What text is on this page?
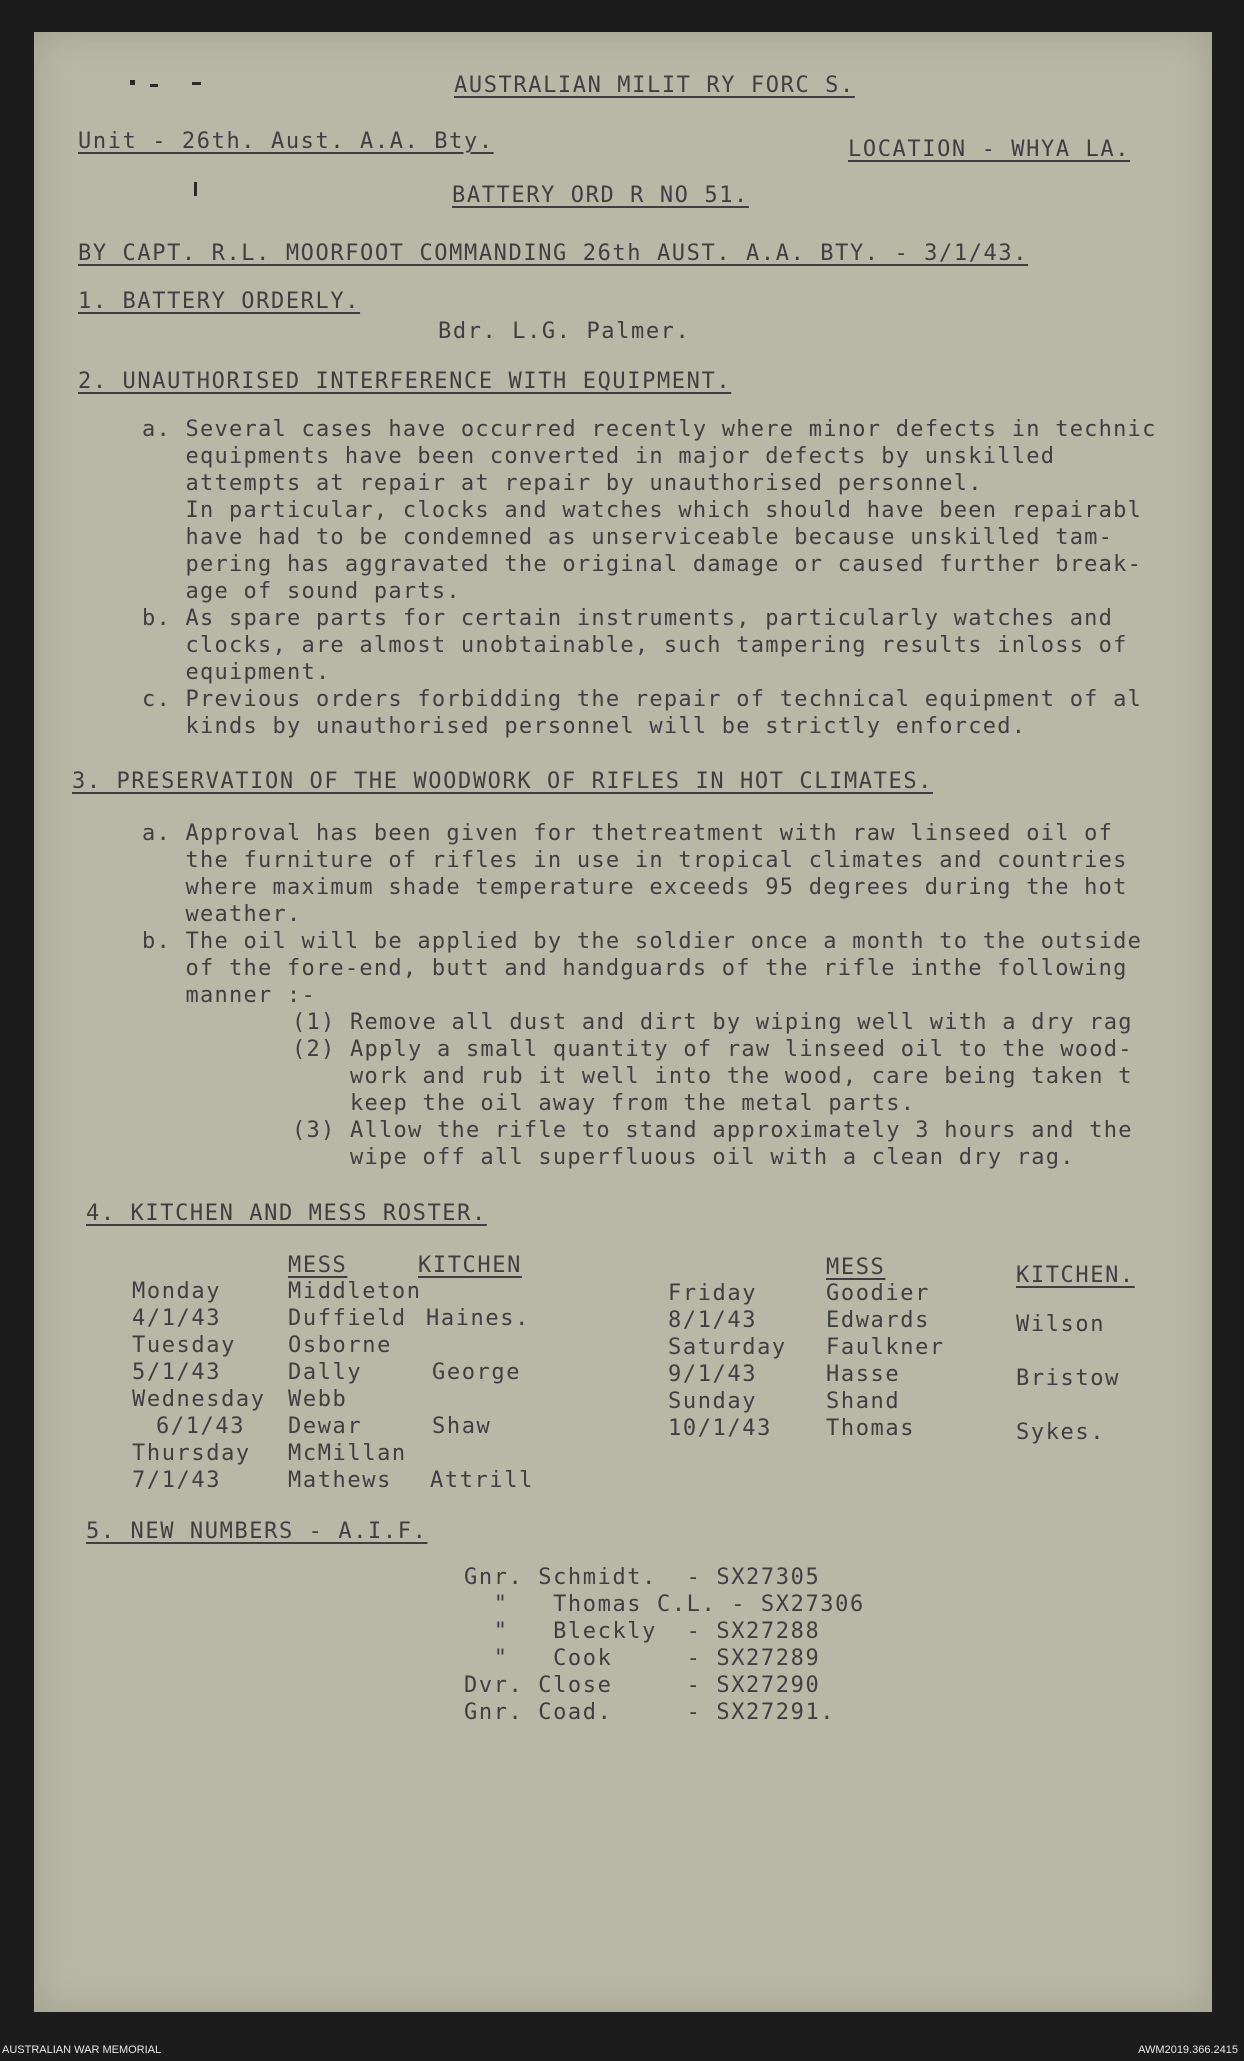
AUSTRALIAN MILIT RY FORC S.
Unit - 26th. Aust. A.A. Bty.	LOCATION - WHYA LA.
BATTERY ORD R NO 51.
BY CAPT. R.L. MOORFOOT COMMANDING 26th AUST. A.A. BTY. - 3/1/43.
1. BATTERY ORDERLY.
Bdr. L.G. Palmer.
2. UNAUTHORISED INTERFERENCE WITH EQUIPMENT.
a. Several cases have occurred recently where minor defects in technic
equipments have been converted in major defects by unskilled
attempts at repair at repair by unauthorised personnel.
In particular, clocks and watches which should have been repairabl
have had to be condemned as unserviceable because unskilled tam-
pering has aggravated the original damage or caused further break-
age of sound parts.
b. As spare parts for certain instruments, particularly watches and
clocks, are almost unobtainable, such tampering results inloss of
equipment.
c. Previous orders forbidding the repair of technical equipment of al
kinds by unauthorised personnel will be strictly enforced.
3. PRESERVATION OF THE WOODWORK OF RIFLES IN HOT CLIMATES.
a. Approval has been given for thetreatment with raw linseed oil of
the furniture of rifles in use in tropical climates and countries
where maximum shade temperature exceeds 95 degrees during the hot
weather.
b. The oil will be applied by the soldier once a month to the outside
of the fore-end, butt and handguards of the rifle inthe following
manner :-
(1) Remove all dust and dirt by wiping well with a dry rag
(2) Apply a small quantity of raw linseed oil to the wood-
work and rub it well into the wood, care being taken t
keep the oil away from the metal parts.
(3) Allow the rifle to stand approximately 3 hours and the
wipe off all superfluous oil with a clean dry rag.
4. KITCHEN AND MESS ROSTER.
MESS	KITCHEN	MESS	KITCHEN.
Monday	Middleton
4/1/43	Duffield Haines.
Tuesday Osborne
5/1/43	Dally	George
Wednesday Webb
6/1/43 Dewar	Shaw
Thursday McMillan
7/1/43	Mathews Attrill
Friday	Goodier
8/1/43	Edwards	Wilson
Saturday Faulkner
9/1/43	Hasse	Bristow
Sunday	Shand
10/1/43 Thomas	Sykes.
5. NEW NUMBERS - A.I.F.
Gnr. Schmidt.  - SX27305
"   Thomas C.L. - SX27306
"   Bleckly  - SX27288
"   Cook     - SX27289
Dvr. Close     - SX27290
Gnr. Coad.     - SX27291.
AUSTRALIAN WAR MEMORIAL	AWM2019.366.2415
